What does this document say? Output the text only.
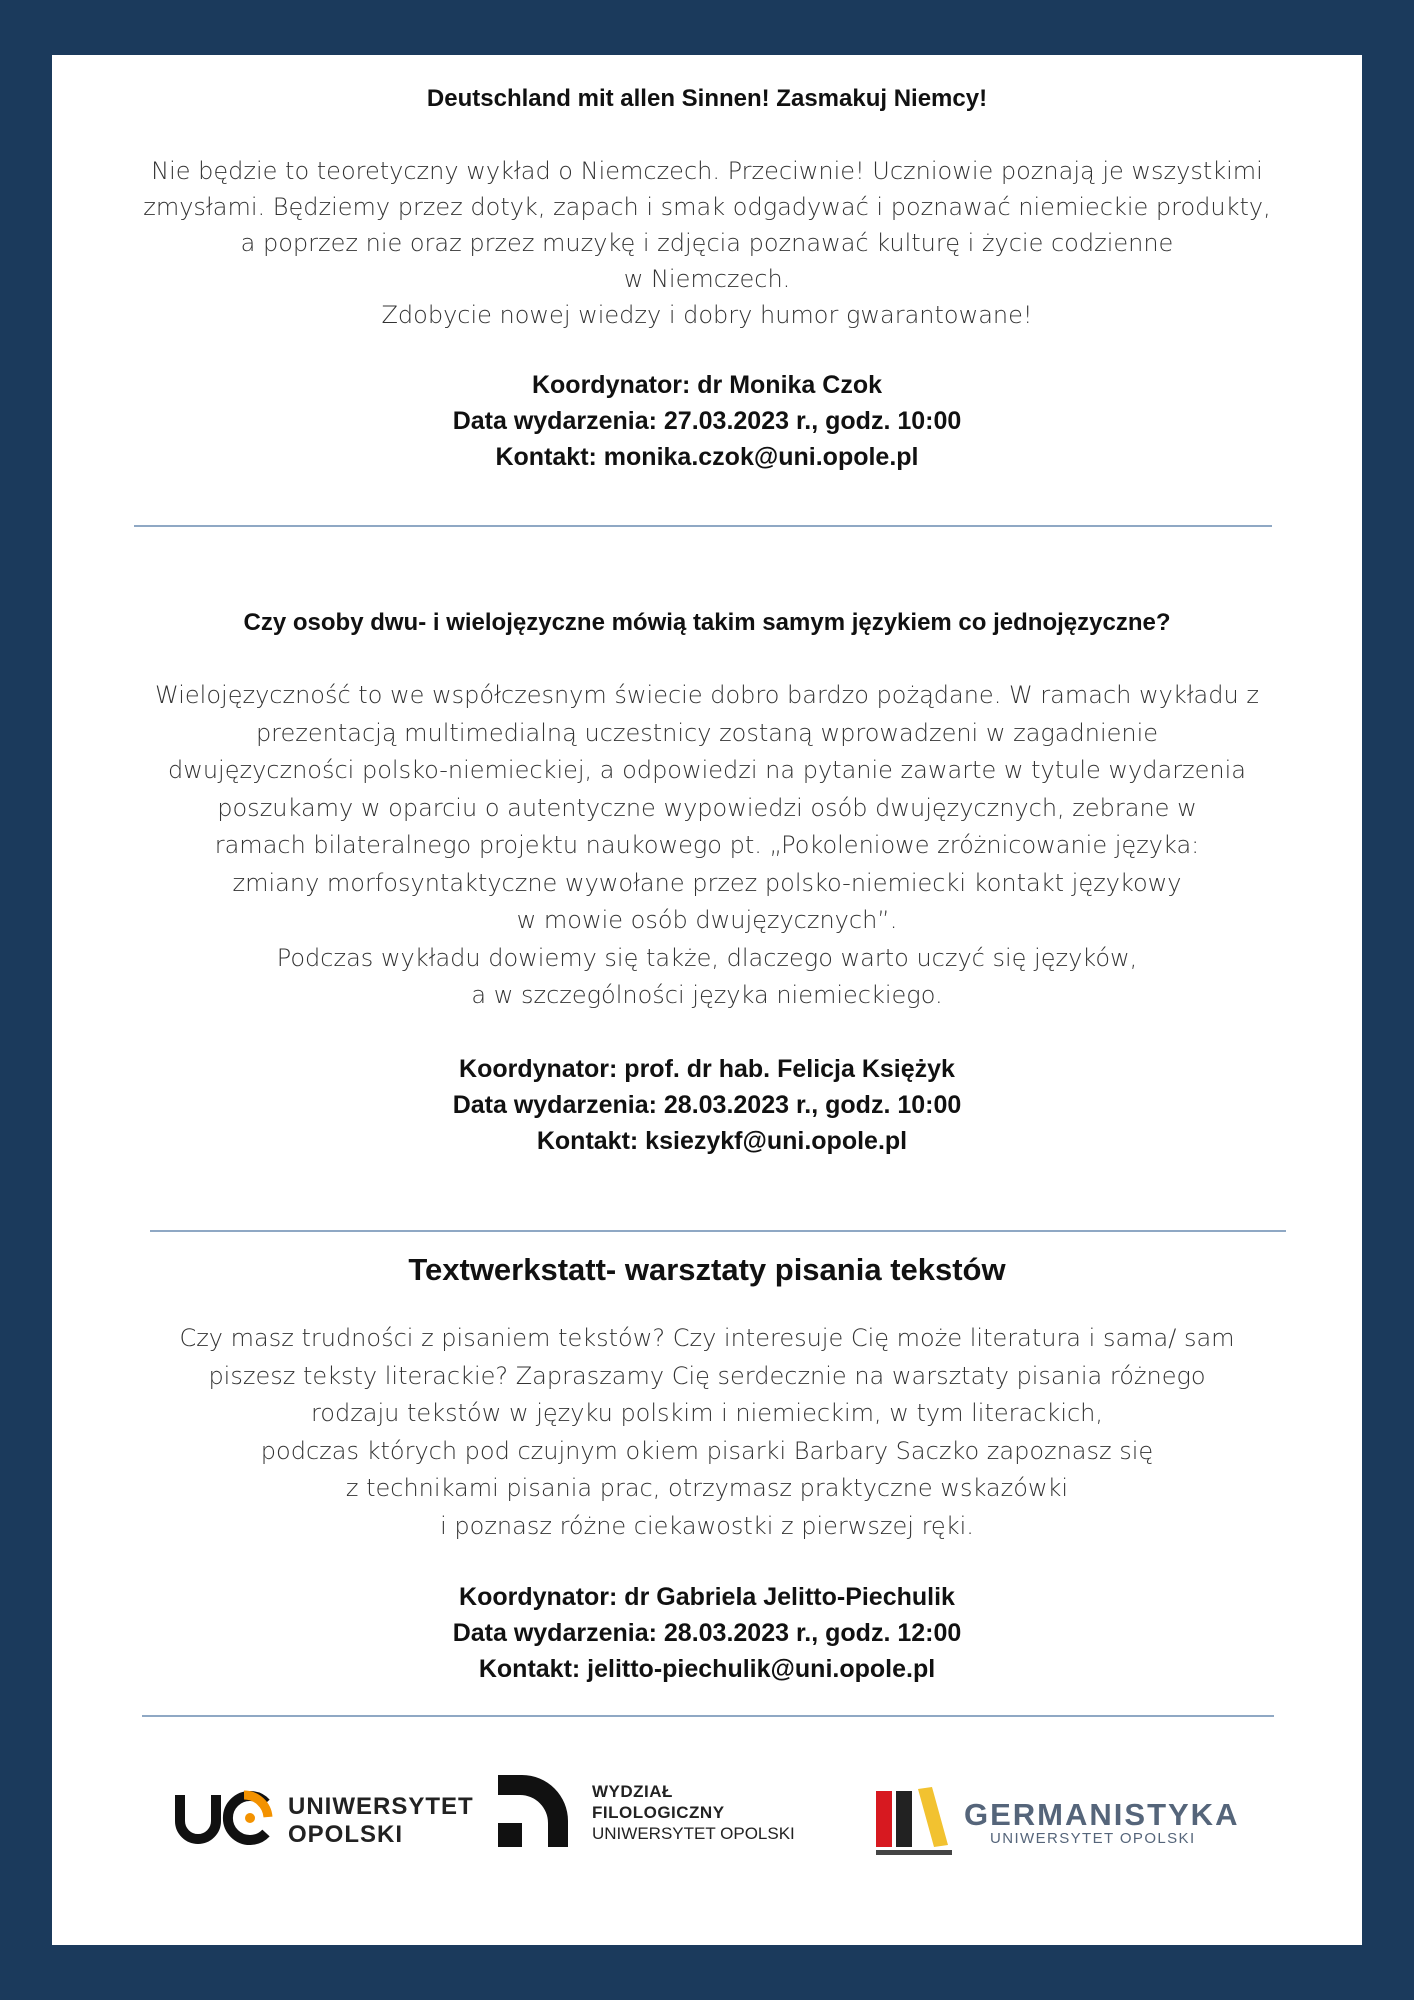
Deutschland mit allen Sinnen! Zasmakuj Niemcy!

Nie będzie to teoretyczny wykład o Niemczech. Przeciwnie! Uczniowie poznają je wszystkimi
zmysłami. Będziemy przez dotyk, zapach i smak odgadywać i poznawać niemieckie produkty,
a poprzez nie oraz przez muzykę i zdjęcia poznawać kulturę i życie codzienne
w Niemczech.
Zdobycie nowej wiedzy i dobry humor gwarantowane!
Koordynator: dr Monika Czok
Data wydarzenia: 27.03.2023 r., godz. 10:00
Kontakt: monika.czok@uni.opole.pl

Czy osoby dwu- i wielojęzyczne mówią takim samym językiem co jednojęzyczne?

Wielojęzyczność to we współczesnym świecie dobro bardzo pożądane. W ramach wykładu z
prezentacją multimedialną uczestnicy zostaną wprowadzeni w zagadnienie
dwujęzyczności polsko-niemieckiej, a odpowiedzi na pytanie zawarte w tytule wydarzenia
poszukamy w oparciu o autentyczne wypowiedzi osób dwujęzycznych, zebrane w
ramach bilateralnego projektu naukowego pt. „Pokoleniowe zróżnicowanie języka:
zmiany morfosyntaktyczne wywołane przez polsko-niemiecki kontakt językowy
w mowie osób dwujęzycznych”.
Podczas wykładu dowiemy się także, dlaczego warto uczyć się języków,
a w szczególności języka niemieckiego.
Koordynator: prof. dr hab. Felicja Księżyk
Data wydarzenia: 28.03.2023 r., godz. 10:00
Kontakt: ksiezykf@uni.opole.pl

Textwerkstatt- warsztaty pisania tekstów

Czy masz trudności z pisaniem tekstów? Czy interesuje Cię może literatura i sama/ sam
piszesz teksty literackie? Zapraszamy Cię serdecznie na warsztaty pisania różnego
rodzaju tekstów w języku polskim i niemieckim, w tym literackich,
podczas których pod czujnym okiem pisarki Barbary Saczko zapoznasz się
z technikami pisania prac, otrzymasz praktyczne wskazówki
i poznasz różne ciekawostki z pierwszej ręki.
Koordynator: dr Gabriela Jelitto-Piechulik
Data wydarzenia: 28.03.2023 r., godz. 12:00
Kontakt: jelitto-piechulik@uni.opole.pl
UNIWERSYTET
OPOLSKI
WYDZIAŁ
FILOLOGICZNY
UNIWERSYTET OPOLSKI
GERMANISTYKA
UNIWERSYTET OPOLSKI
